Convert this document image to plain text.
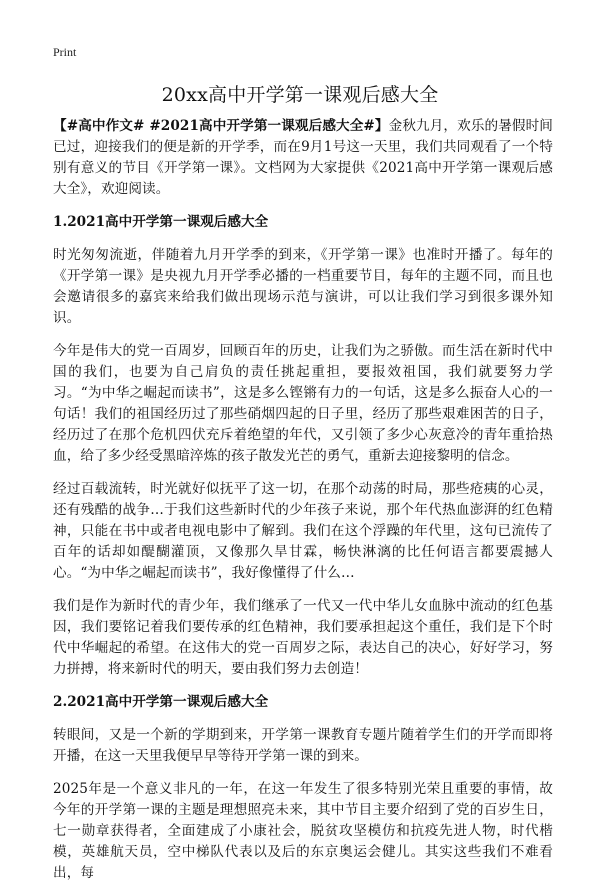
Print
20xx高中开学第一课观后感大全

【#高中作文# #2021高中开学第一课观后感大全#】金秋九月，欢乐的暑假时间已过，迎接我们的便是新的开学季，而在9月1号这一天里，我们共同观看了一个特别有意义的节目《开学第一课》。文档网为大家提供《2021高中开学第一课观后感大全》，欢迎阅读。

1.2021高中开学第一课观后感大全

时光匆匆流逝，伴随着九月开学季的到来，《开学第一课》也准时开播了。每年的《开学第一课》是央视九月开学季必播的一档重要节目，每年的主题不同，而且也会邀请很多的嘉宾来给我们做出现场示范与演讲，可以让我们学习到很多课外知识。

今年是伟大的党一百周岁，回顾百年的历史，让我们为之骄傲。而生活在新时代中国的我们，也要为自己肩负的责任挑起重担，要报效祖国，我们就要努力学习。“为中华之崛起而读书”，这是多么铿锵有力的一句话，这是多么振奋人心的一句话！我们的祖国经历过了那些硝烟四起的日子里，经历了那些艰难困苦的日子，经历过了在那个危机四伏充斥着绝望的年代，又引领了多少心灰意冷的青年重拾热血，给了多少经受黑暗淬炼的孩子散发光芒的勇气，重新去迎接黎明的信念。

经过百载流转，时光就好似抚平了这一切，在那个动荡的时局，那些疮痍的心灵，还有残酷的战争…于我们这些新时代的少年孩子来说，那个年代热血澎湃的红色精神，只能在书中或者电视电影中了解到。我们在这个浮躁的年代里，这句已流传了百年的话却如醍醐灌顶，又像那久旱甘霖，畅快淋漓的比任何语言都要震撼人心。“为中华之崛起而读书”，我好像懂得了什么…

我们是作为新时代的青少年，我们继承了一代又一代中华儿女血脉中流动的红色基因，我们要铭记着我们要传承的红色精神，我们要承担起这个重任，我们是下个时代中华崛起的希望。在这伟大的党一百周岁之际，表达自己的决心，好好学习，努力拼搏，将来新时代的明天，要由我们努力去创造！

2.2021高中开学第一课观后感大全

转眼间，又是一个新的学期到来，开学第一课教育专题片随着学生们的开学而即将开播，在这一天里我便早早等待开学第一课的到来。

2025年是一个意义非凡的一年，在这一年发生了很多特别光荣且重要的事情，故今年的开学第一课的主题是理想照亮未来，其中节目主要介绍到了党的百岁生日，七一勋章获得者，全面建成了小康社会，脱贫攻坚模仿和抗疫先进人物，时代楷模，英雄航天员，空中梯队代表以及后的东京奥运会健儿。其实这些我们不难看出，每
